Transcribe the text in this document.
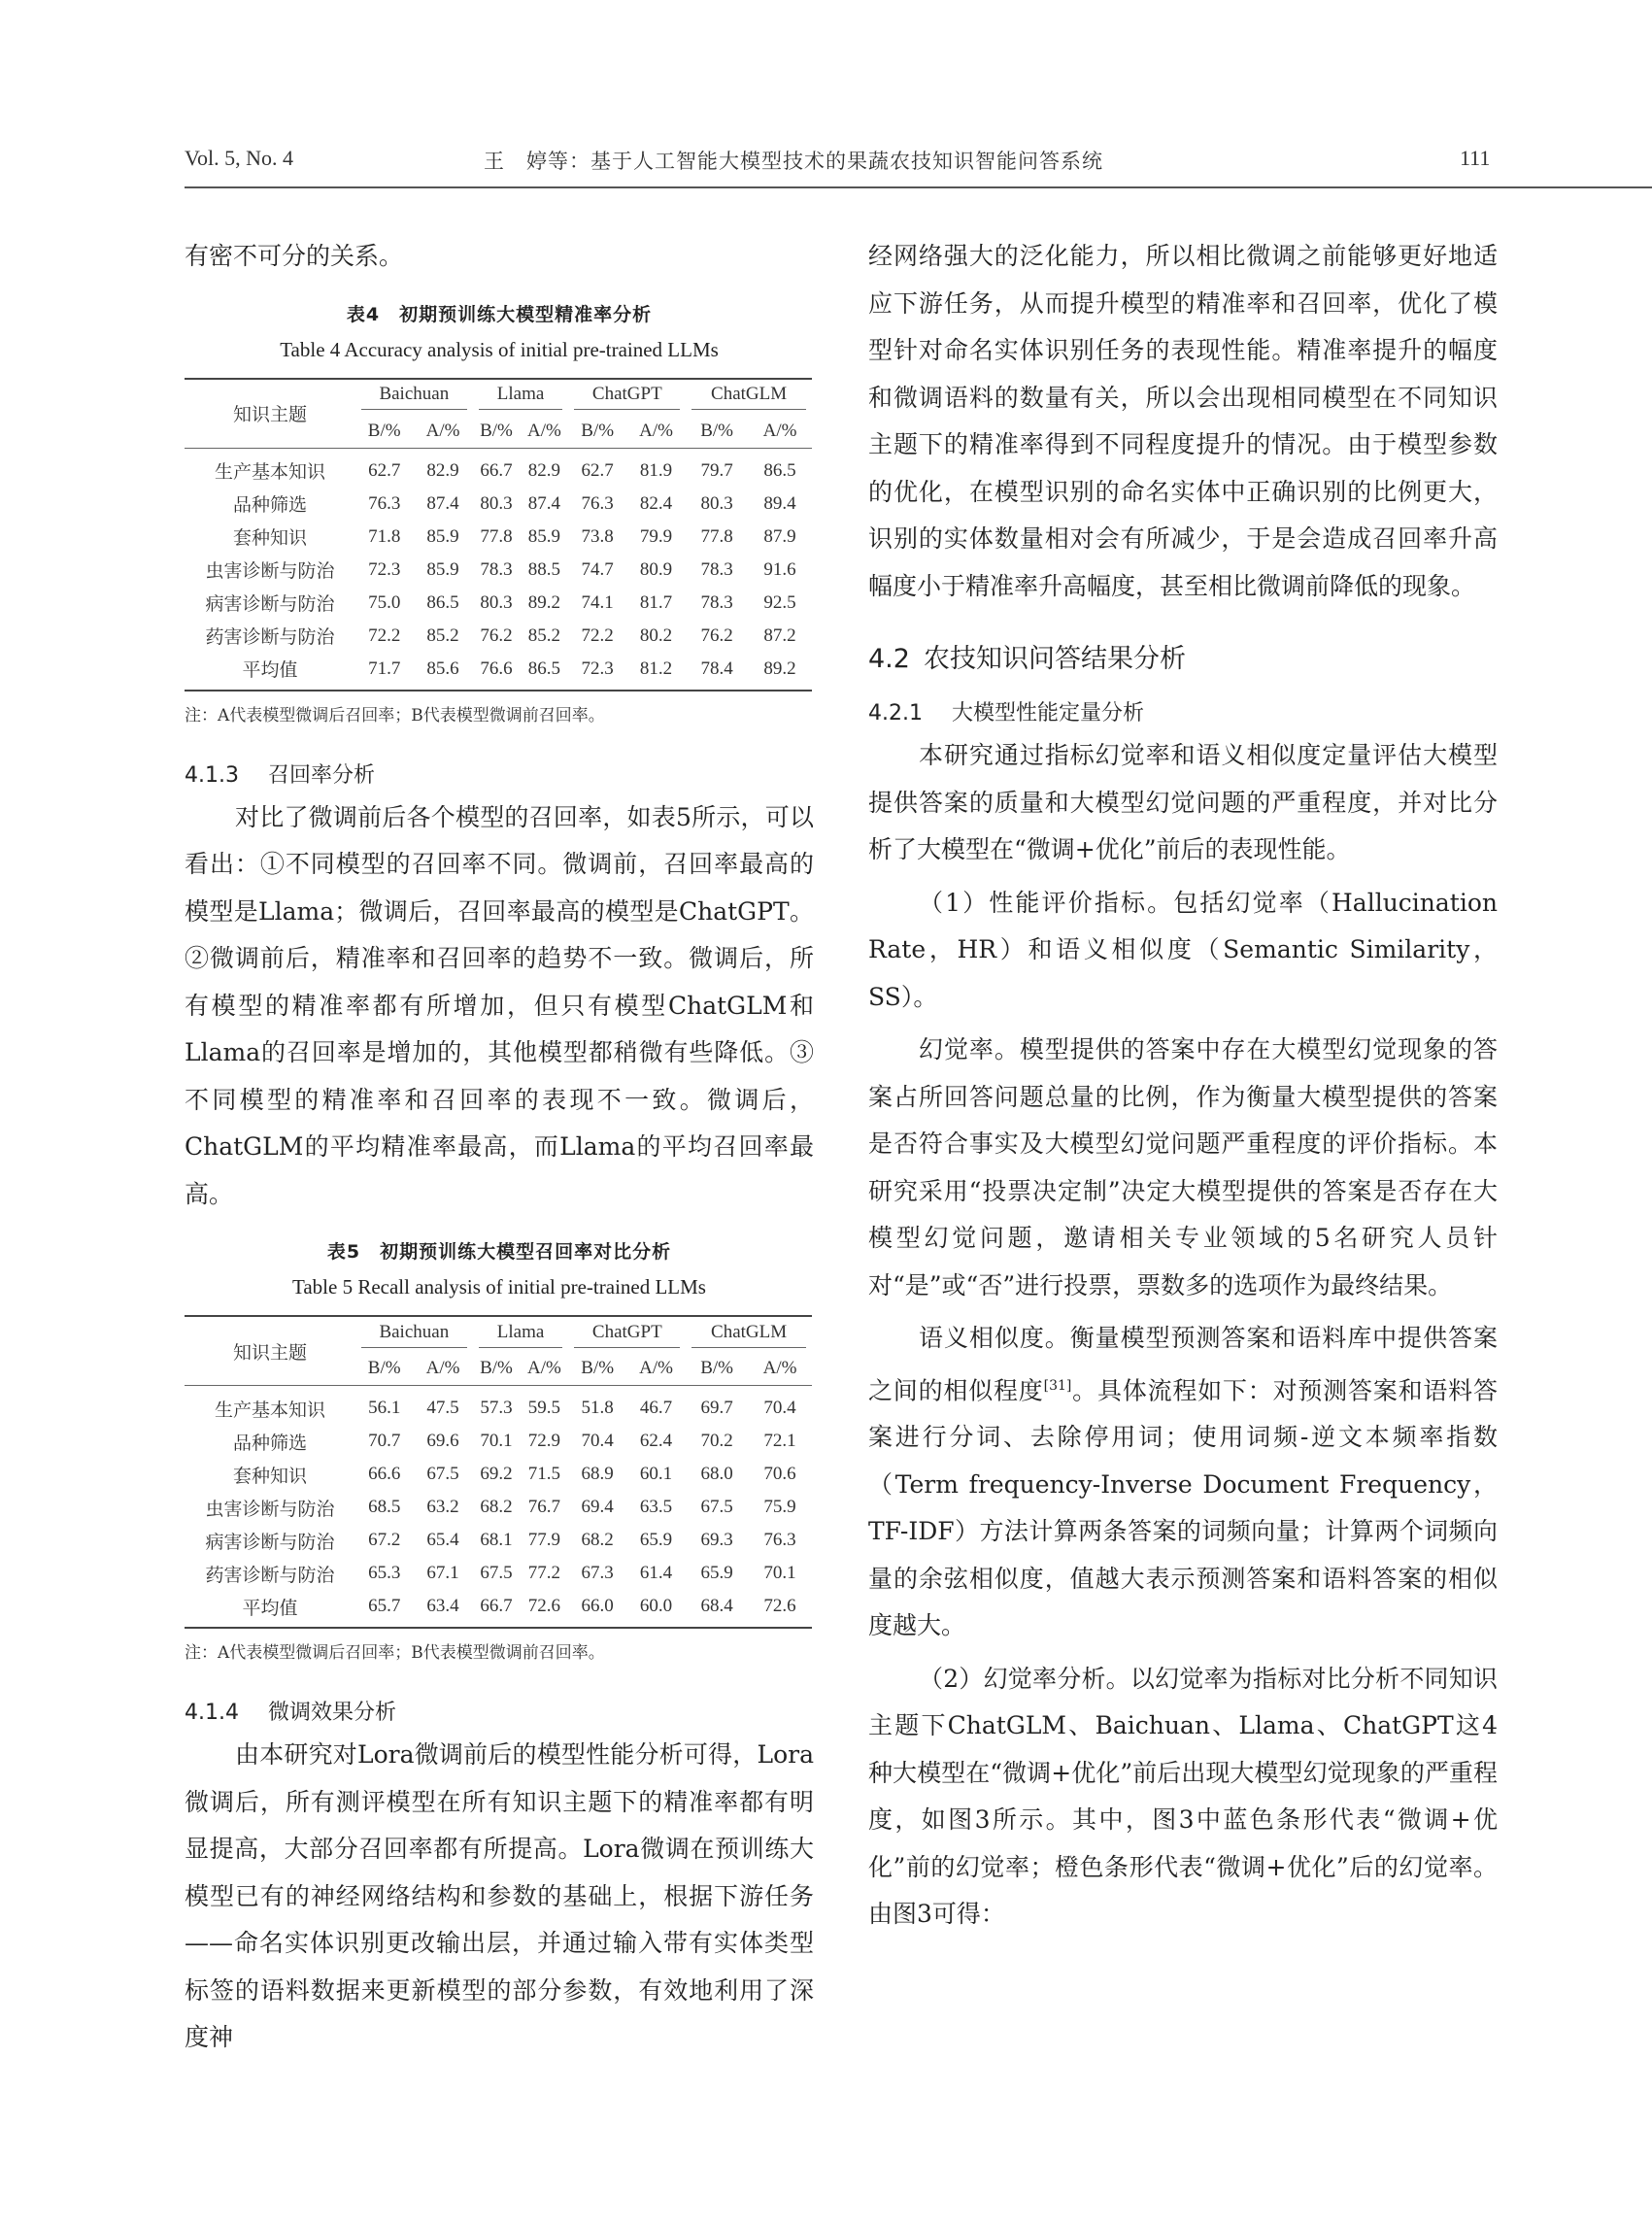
Vol. 5, No. 4	王　婷等：基于人工智能大模型技术的果蔬农技知识智能问答系统	111

有密不可分的关系。

表4　初期预训练大模型精准率分析
Table 4 Accuracy analysis of initial pre-trained LLMs
知识主题	Baichuan		Llama		ChatGPT		ChatGLM	

	B/%	A/%	B/%	A/%	B/%	A/%	B/%	A/%
生产基本知识	62.7	82.9	66.7	82.9	62.7	81.9	79.7	86.5
品种筛选	76.3	87.4	80.3	87.4	76.3	82.4	80.3	89.4
套种知识	71.8	85.9	77.8	85.9	73.8	79.9	77.8	87.9
虫害诊断与防治	72.3	85.9	78.3	88.5	74.7	80.9	78.3	91.6
病害诊断与防治	75.0	86.5	80.3	89.2	74.1	81.7	78.3	92.5
药害诊断与防治	72.2	85.2	76.2	85.2	72.2	80.2	76.2	87.2
平均值	71.7	85.6	76.6	86.5	72.3	81.2	78.4	89.2
注：A代表模型微调后召回率；B代表模型微调前召回率。
4.1.3 召回率分析

对比了微调前后各个模型的召回率，如表5所示，可以看出：①不同模型的召回率不同。微调前，召回率最高的模型是Llama；微调后，召回率最高的模型是ChatGPT。②微调前后，精准率和召回率的趋势不一致。微调后，所有模型的精准率都有所增加，但只有模型ChatGLM和Llama的召回率是增加的，其他模型都稍微有些降低。③不同模型的精准率和召回率的表现不一致。微调后，ChatGLM的平均精准率最高，而Llama的平均召回率最高。

表5　初期预训练大模型召回率对比分析
Table 5 Recall analysis of initial pre-trained LLMs
知识主题	Baichuan		Llama		ChatGPT		ChatGLM	

	B/%	A/%	B/%	A/%	B/%	A/%	B/%	A/%
生产基本知识	56.1	47.5	57.3	59.5	51.8	46.7	69.7	70.4
品种筛选	70.7	69.6	70.1	72.9	70.4	62.4	70.2	72.1
套种知识	66.6	67.5	69.2	71.5	68.9	60.1	68.0	70.6
虫害诊断与防治	68.5	63.2	68.2	76.7	69.4	63.5	67.5	75.9
病害诊断与防治	67.2	65.4	68.1	77.9	68.2	65.9	69.3	76.3
药害诊断与防治	65.3	67.1	67.5	77.2	67.3	61.4	65.9	70.1
平均值	65.7	63.4	66.7	72.6	66.0	60.0	68.4	72.6
注：A代表模型微调后召回率；B代表模型微调前召回率。
4.1.4 微调效果分析

由本研究对Lora微调前后的模型性能分析可得，Lora微调后，所有测评模型在所有知识主题下的精准率都有明显提高，大部分召回率都有所提高。Lora微调在预训练大模型已有的神经网络结构和参数的基础上，根据下游任务——命名实体识别更改输出层，并通过输入带有实体类型标签的语料数据来更新模型的部分参数，有效地利用了深度神

经网络强大的泛化能力，所以相比微调之前能够更好地适应下游任务，从而提升模型的精准率和召回率，优化了模型针对命名实体识别任务的表现性能。精准率提升的幅度和微调语料的数量有关，所以会出现相同模型在不同知识主题下的精准率得到不同程度提升的情况。由于模型参数的优化，在模型识别的命名实体中正确识别的比例更大，识别的实体数量相对会有所减少，于是会造成召回率升高幅度小于精准率升高幅度，甚至相比微调前降低的现象。

4.2 农技知识问答结果分析
4.2.1 大模型性能定量分析

本研究通过指标幻觉率和语义相似度定量评估大模型提供答案的质量和大模型幻觉问题的严重程度，并对比分析了大模型在“微调+优化”前后的表现性能。

（1）性能评价指标。包括幻觉率（Hallucination Rate，HR）和语义相似度（Semantic Similarity，SS）。

幻觉率。模型提供的答案中存在大模型幻觉现象的答案占所回答问题总量的比例，作为衡量大模型提供的答案是否符合事实及大模型幻觉问题严重程度的评价指标。本研究采用“投票决定制”决定大模型提供的答案是否存在大模型幻觉问题，邀请相关专业领域的5名研究人员针对“是”或“否”进行投票，票数多的选项作为最终结果。

语义相似度。衡量模型预测答案和语料库中提供答案之间的相似程度[31]。具体流程如下：对预测答案和语料答案进行分词、去除停用词；使用词频-逆文本频率指数（Term frequency-Inverse Document Frequency，TF-IDF）方法计算两条答案的词频向量；计算两个词频向量的余弦相似度，值越大表示预测答案和语料答案的相似度越大。

（2）幻觉率分析。以幻觉率为指标对比分析不同知识主题下ChatGLM、Baichuan、Llama、ChatGPT这4种大模型在“微调+优化”前后出现大模型幻觉现象的严重程度，如图3所示。其中，图3中蓝色条形代表“微调+优化”前的幻觉率；橙色条形代表“微调+优化”后的幻觉率。由图3可得：
